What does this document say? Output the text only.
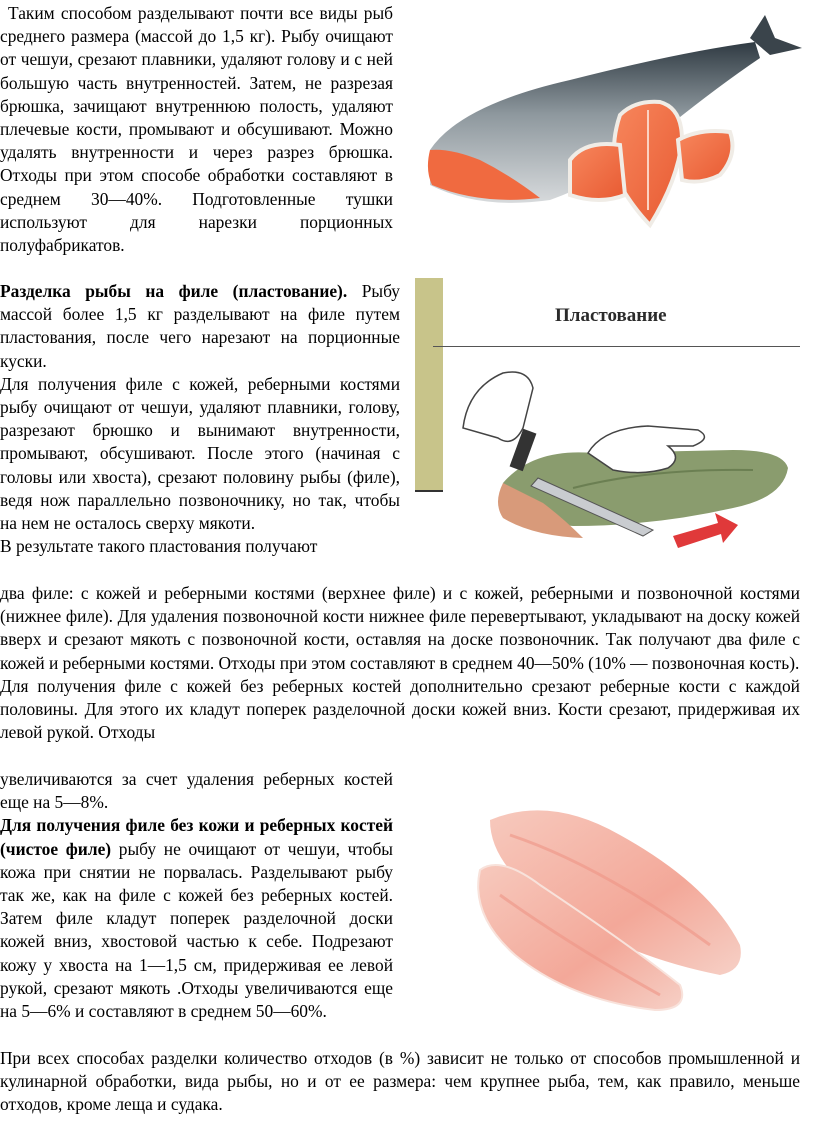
Таким способом разделывают почти все виды рыб среднего размера (массой до 1,5 кг). Рыбу очищают от чешуи, срезают плавники, удаляют голову и с ней большую часть внутренностей. Затем, не разрезая брюшка, зачищают внутреннюю полость, удаляют плечевые кости, промывают и обсушивают. Можно удалять внутренности и через разрез брюшка. Отходы при этом способе обработки составляют в среднем 30—40%. Подготовленные тушки используют для нарезки порционных полуфабрикатов.

Разделка рыбы на филе (пластование). Рыбу массой более 1,5 кг разделывают на филе путем пластования, после чего нарезают на порционные куски.

Для получения филе с кожей, реберными костями рыбу очищают от чешуи, удаляют плавники, голову, разрезают брюшко и вынимают внутренности, промывают, обсушивают. После этого (начиная с головы или хвоста), срезают половину рыбы (филе), ведя нож параллельно позвоночнику, но так, чтобы на нем не осталось сверху мякоти.

В результате такого пластования получают

два филе: с кожей и реберными костями (верхнее филе) и с кожей, реберными и позвоночной костями (нижнее филе). Для удаления позвоночной кости нижнее филе перевертывают, укладывают на доску кожей вверх и срезают мякоть с позвоночной кости, оставляя на доске позвоночник. Так получают два филе с кожей и реберными костями. Отходы при этом составляют в среднем 40—50% (10% — позвоночная кость).

Для получения филе с кожей без реберных костей дополнительно срезают реберные кости с каждой половины. Для этого их кладут поперек разделочной доски кожей вниз. Кости срезают, придерживая их левой рукой. Отходы

увеличиваются за счет удаления реберных костей еще на 5—8%.

Для получения филе без кожи и реберных костей (чистое филе) рыбу не очищают от чешуи, чтобы кожа при снятии не порвалась. Разделывают рыбу так же, как на филе с кожей без реберных костей. Затем филе кладут поперек разделочной доски кожей вниз, хвостовой частью к себе. Подрезают кожу у хвоста на 1—1,5 см, придерживая ее левой рукой, срезают мякоть .Отходы увеличиваются еще на 5—6% и составляют в среднем 50—60%.

При всех способах разделки количество отходов (в %) зависит не только от способов промышленной и кулинарной обработки, вида рыбы, но и от ее размера: чем крупнее рыба, тем, как правило, меньше отходов, кроме леща и судака.

Пластование
